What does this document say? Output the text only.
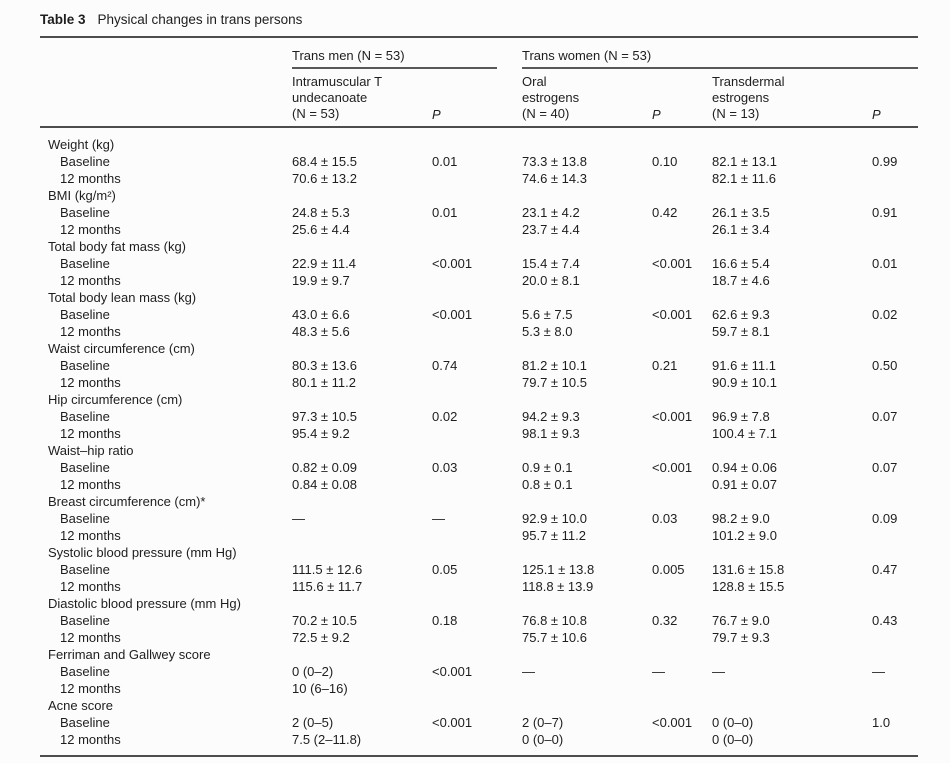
Table 3 Physical changes in trans persons

	Trans men (N = 53)			Trans women (N = 53)			

	Intramuscular T
undecanoate
(N = 53)	P		Oral
estrogens
(N = 40)	P	Transdermal
estrogens
(N = 13)	P
Weight (kg)							
Baseline	68.4 ± 15.5	0.01		73.3 ± 13.8	0.10	82.1 ± 13.1	0.99
12 months	70.6 ± 13.2			74.6 ± 14.3		82.1 ± 11.6	
BMI (kg/m²)							
Baseline	24.8 ± 5.3	0.01		23.1 ± 4.2	0.42	26.1 ± 3.5	0.91
12 months	25.6 ± 4.4			23.7 ± 4.4		26.1 ± 3.4	
Total body fat mass (kg)							
Baseline	22.9 ± 11.4	<0.001		15.4 ± 7.4	<0.001	16.6 ± 5.4	0.01
12 months	19.9 ± 9.7			20.0 ± 8.1		18.7 ± 4.6	
Total body lean mass (kg)							
Baseline	43.0 ± 6.6	<0.001		5.6 ± 7.5	<0.001	62.6 ± 9.3	0.02
12 months	48.3 ± 5.6			5.3 ± 8.0		59.7 ± 8.1	
Waist circumference (cm)							
Baseline	80.3 ± 13.6	0.74		81.2 ± 10.1	0.21	91.6 ± 11.1	0.50
12 months	80.1 ± 11.2			79.7 ± 10.5		90.9 ± 10.1	
Hip circumference (cm)							
Baseline	97.3 ± 10.5	0.02		94.2 ± 9.3	<0.001	96.9 ± 7.8	0.07
12 months	95.4 ± 9.2			98.1 ± 9.3		100.4 ± 7.1	
Waist–hip ratio							
Baseline	0.82 ± 0.09	0.03		0.9 ± 0.1	<0.001	0.94 ± 0.06	0.07
12 months	0.84 ± 0.08			0.8 ± 0.1		0.91 ± 0.07	
Breast circumference (cm)*							
Baseline	—	—		92.9 ± 10.0	0.03	98.2 ± 9.0	0.09
12 months				95.7 ± 11.2		101.2 ± 9.0	
Systolic blood pressure (mm Hg)							
Baseline	111.5 ± 12.6	0.05		125.1 ± 13.8	0.005	131.6 ± 15.8	0.47
12 months	115.6 ± 11.7			118.8 ± 13.9		128.8 ± 15.5	
Diastolic blood pressure (mm Hg)							
Baseline	70.2 ± 10.5	0.18		76.8 ± 10.8	0.32	76.7 ± 9.0	0.43
12 months	72.5 ± 9.2			75.7 ± 10.6		79.7 ± 9.3	
Ferriman and Gallwey score							
Baseline	0 (0–2)	<0.001		—	—	—	—
12 months	10 (6–16)						
Acne score							
Baseline	2 (0–5)	<0.001		2 (0–7)	<0.001	0 (0–0)	1.0
12 months	7.5 (2–11.8)			0 (0–0)		0 (0–0)	
